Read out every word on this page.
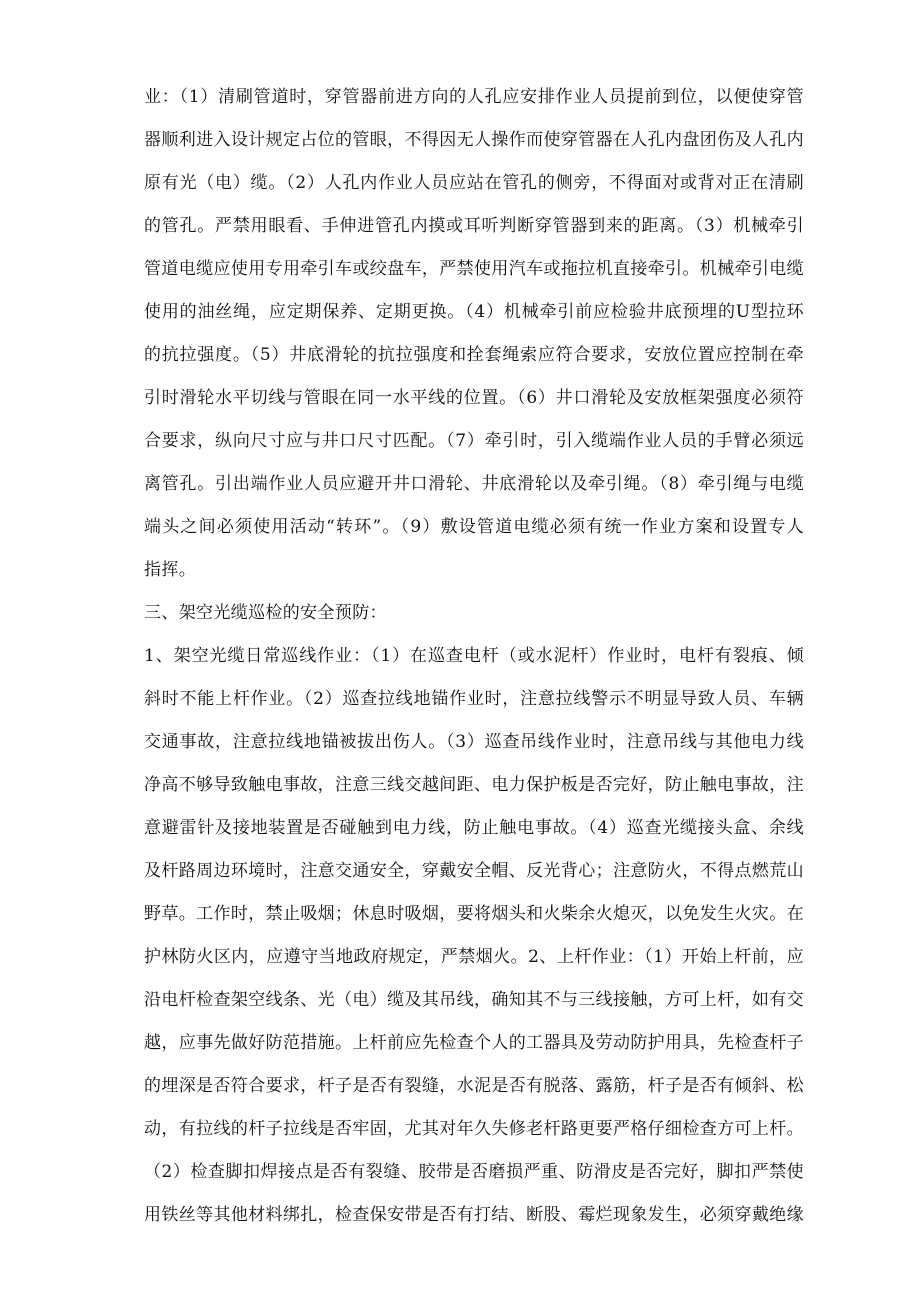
业：（1）清刷管道时，穿管器前进方向的人孔应安排作业人员提前到位，以便使穿管
器顺利进入设计规定占位的管眼，不得因无人操作而使穿管器在人孔内盘团伤及人孔内
原有光（电）缆。（2）人孔内作业人员应站在管孔的侧旁，不得面对或背对正在清刷
的管孔。严禁用眼看、手伸进管孔内摸或耳听判断穿管器到来的距离。（3）机械牵引
管道电缆应使用专用牵引车或绞盘车，严禁使用汽车或拖拉机直接牵引。机械牵引电缆
使用的油丝绳，应定期保养、定期更换。（4）机械牵引前应检验井底预埋的U型拉环
的抗拉强度。（5）井底滑轮的抗拉强度和拴套绳索应符合要求，安放位置应控制在牵
引时滑轮水平切线与管眼在同一水平线的位置。（6）井口滑轮及安放框架强度必须符
合要求，纵向尺寸应与井口尺寸匹配。（7）牵引时，引入缆端作业人员的手臂必须远
离管孔。引出端作业人员应避开井口滑轮、井底滑轮以及牵引绳。（8）牵引绳与电缆
端头之间必须使用活动“转环”。（9）敷设管道电缆必须有统一作业方案和设置专人
指挥。
三、架空光缆巡检的安全预防：
1、架空光缆日常巡线作业：（1）在巡查电杆（或水泥杆）作业时，电杆有裂痕、倾
斜时不能上杆作业。（2）巡查拉线地锚作业时，注意拉线警示不明显导致人员、车辆
交通事故，注意拉线地锚被拔出伤人。（3）巡查吊线作业时，注意吊线与其他电力线
净高不够导致触电事故，注意三线交越间距、电力保护板是否完好，防止触电事故，注
意避雷针及接地装置是否碰触到电力线，防止触电事故。（4）巡查光缆接头盒、余线
及杆路周边环境时，注意交通安全，穿戴安全帽、反光背心；注意防火，不得点燃荒山
野草。工作时，禁止吸烟；休息时吸烟，要将烟头和火柴余火熄灭，以免发生火灾。在
护林防火区内，应遵守当地政府规定，严禁烟火。2、上杆作业：（1）开始上杆前，应
沿电杆检查架空线条、光（电）缆及其吊线，确知其不与三线接触，方可上杆，如有交
越，应事先做好防范措施。上杆前应先检查个人的工器具及劳动防护用具，先检查杆子
的埋深是否符合要求，杆子是否有裂缝，水泥是否有脱落、露筋，杆子是否有倾斜、松
动，有拉线的杆子拉线是否牢固，尤其对年久失修老杆路更要严格仔细检查方可上杆。
（2）检查脚扣焊接点是否有裂缝、胶带是否磨损严重、防滑皮是否完好，脚扣严禁使
用铁丝等其他材料绑扎，检查保安带是否有打结、断股、霉烂现象发生，必须穿戴绝缘
